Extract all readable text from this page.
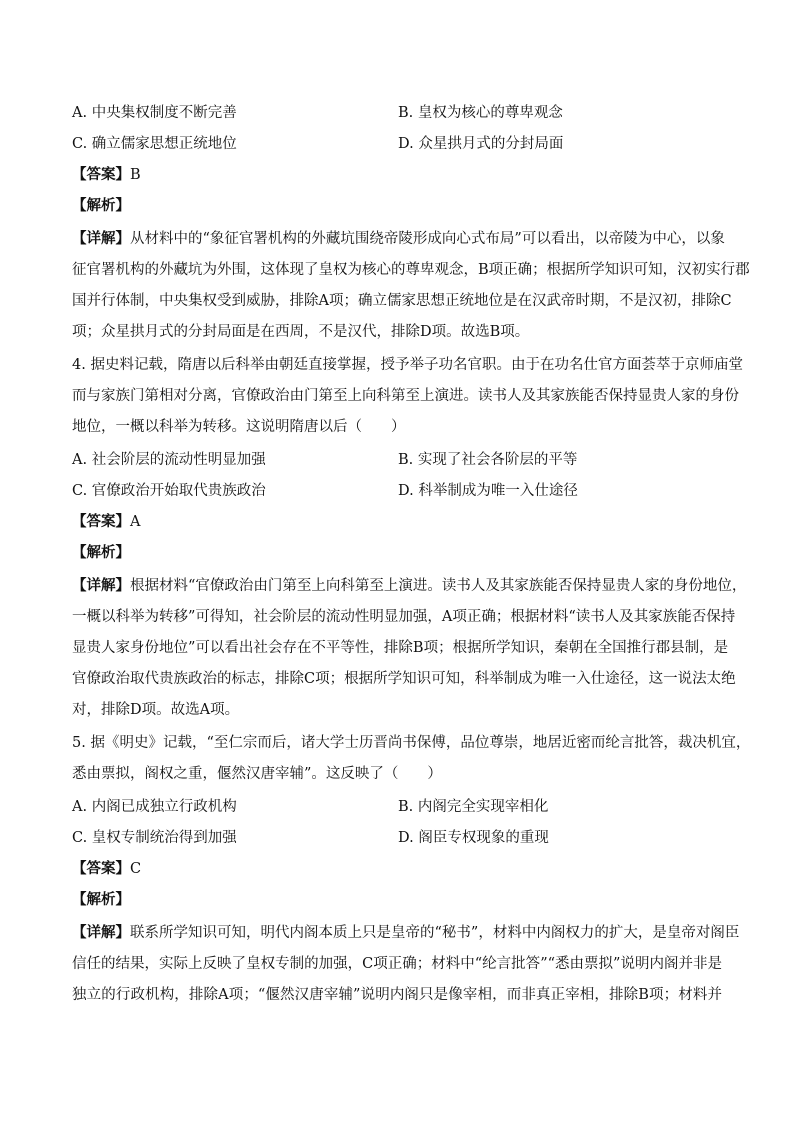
A. 中央集权制度不断完善	B. 皇权为核心的尊卑观念
C. 确立儒家思想正统地位	D. 众星拱月式的分封局面
【答案】B
【解析】
【详解】从材料中的“象征官署机构的外藏坑围绕帝陵形成向心式布局”可以看出，以帝陵为中心，以象
征官署机构的外藏坑为外围，这体现了皇权为核心的尊卑观念，B项正确；根据所学知识可知，汉初实行郡
国并行体制，中央集权受到威胁，排除A项；确立儒家思想正统地位是在汉武帝时期，不是汉初，排除C
项；众星拱月式的分封局面是在西周，不是汉代，排除D项。故选B项。
4. 据史料记载，隋唐以后科举由朝廷直接掌握，授予举子功名官职。由于在功名仕官方面荟萃于京师庙堂
而与家族门第相对分离，官僚政治由门第至上向科第至上演进。读书人及其家族能否保持显贵人家的身份
地位，一概以科举为转移。这说明隋唐以后（　　）
A. 社会阶层的流动性明显加强	B. 实现了社会各阶层的平等
C. 官僚政治开始取代贵族政治	D. 科举制成为唯一入仕途径
【答案】A
【解析】
【详解】根据材料“官僚政治由门第至上向科第至上演进。读书人及其家族能否保持显贵人家的身份地位，
一概以科举为转移”可得知，社会阶层的流动性明显加强，A项正确；根据材料“读书人及其家族能否保持
显贵人家身份地位”可以看出社会存在不平等性，排除B项；根据所学知识，秦朝在全国推行郡县制，是
官僚政治取代贵族政治的标志，排除C项；根据所学知识可知，科举制成为唯一入仕途径，这一说法太绝
对，排除D项。故选A项。
5. 据《明史》记载，“至仁宗而后，诸大学士历晋尚书保傅，品位尊崇，地居近密而纶言批答，裁决机宜，
悉由票拟，阁权之重，偃然汉唐宰辅”。这反映了（　　）
A. 内阁已成独立行政机构	B. 内阁完全实现宰相化
C. 皇权专制统治得到加强	D. 阁臣专权现象的重现
【答案】C
【解析】
【详解】联系所学知识可知，明代内阁本质上只是皇帝的“秘书”，材料中内阁权力的扩大，是皇帝对阁臣
信任的结果，实际上反映了皇权专制的加强，C项正确；材料中“纶言批答”“悉由票拟”说明内阁并非是
独立的行政机构，排除A项；“偃然汉唐宰辅”说明内阁只是像宰相，而非真正宰相，排除B项；材料并
